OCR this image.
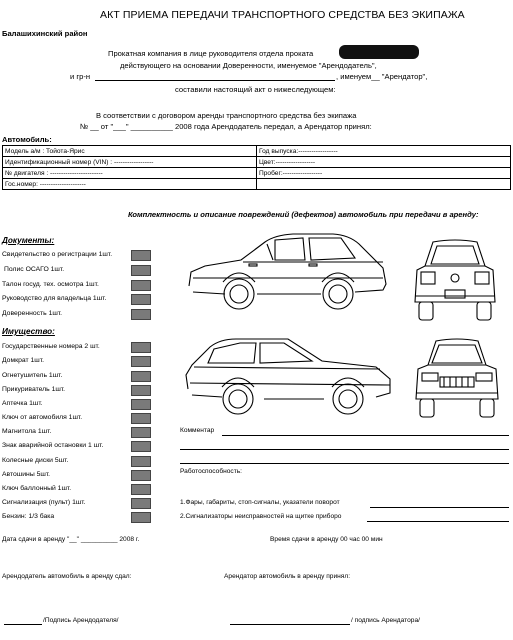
АКТ ПРИЕМА ПЕРЕДАЧИ ТРАНСПОРТНОГО СРЕДСТВА БЕЗ ЭКИПАЖА
Балашихинский район
Прокатная компания в лице руководителя отдела проката
действующего на основании Доверенности, именуемое "Арендодатель",
и гр-н	, именуем__ "Арендатор",
составили настоящий акт о нижеследующем:
В соответствии с договором аренды транспортного средства без экипажа
№ __ от "___" __________ 2008 года Арендодатель передал, а Арендатор принял:
Автомобиль:
Модель а/м : Тойота-Ярис	Год выпуска:------------------
Идентификационный номер (VIN) : ------------------	Цвет:------------------
№ двигателя : ------------------------	Пробег:------------------
Гос.номер: ---------------------	
Комплектность и описание повреждений (дефектов) автомобиль при передачи в аренду:
Документы:
Свидетельство о регистрации 1шт.
Полис ОСАГО 1шт.
Талон госуд. тех. осмотра 1шт.
Руководство для владельца 1шт.
Доверенность 1шт.
Имущество:
Государственные номера 2 шт.
Домкрат 1шт.
Огнетушитель 1шт.
Прикуриватель 1шт.
Аптечка 1шт.
Ключ от автомобиля 1шт.
Магнитола 1шт.
Знак аварийной остановки 1 шт.
Колесные диски 5шт.
Автошины 5шт.
Ключ баллонный 1шт.
Сигнализация (пульт) 1шт.
Бензин: 1/3 бака
Комментар
Работоспособность:
1.Фары, габариты, стоп-сигналы, указатели поворот
2.Сигнализаторы неисправностей на щитке приборо
Дата сдачи в аренду "__" __________ 2008 г.	Время сдачи в аренду 00 час 00 мин
Арендодатель автомобиль в аренду сдал:	Арендатор автомобиль в аренду принял:
/Подпись Арендодателя/	/ подпись Арендатора/
